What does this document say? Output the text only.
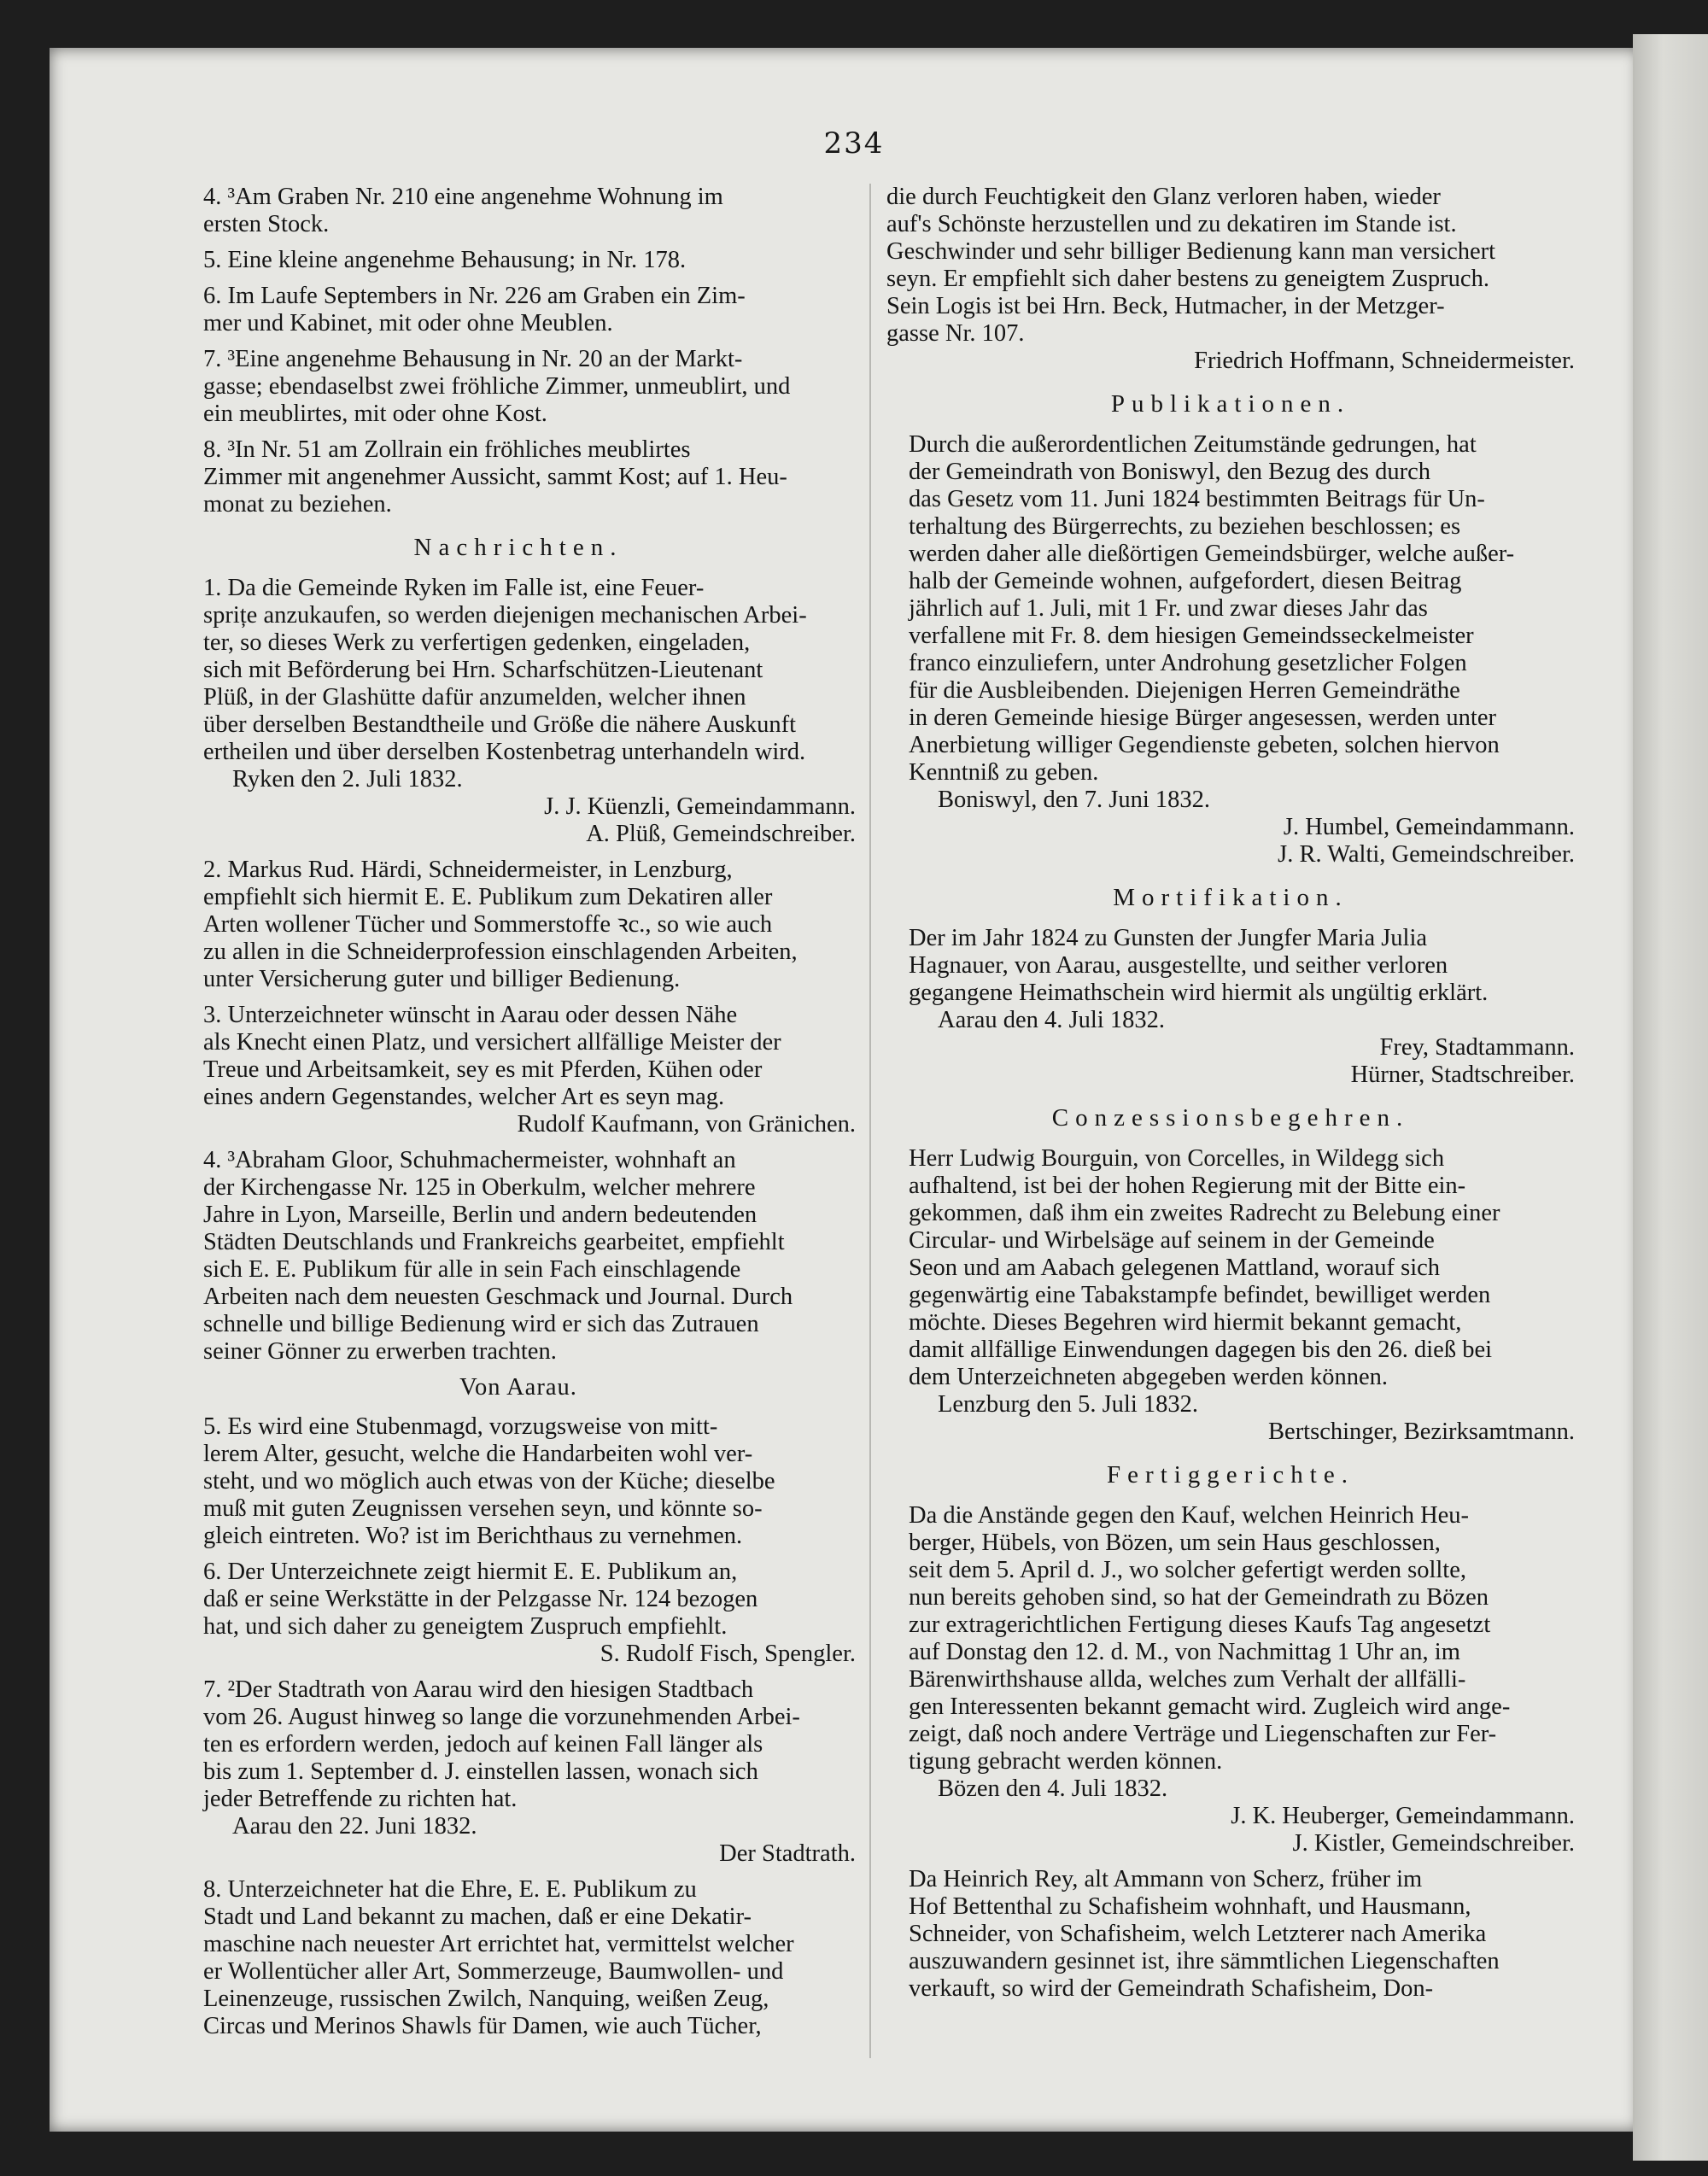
234
4. ³Am Graben Nr. 210 eine angenehme Wohnung im
ersten Stock.
5. Eine kleine angenehme Behausung; in Nr. 178.
6. Im Laufe Septembers in Nr. 226 am Graben ein Zim-
mer und Kabinet, mit oder ohne Meublen.
7. ³Eine angenehme Behausung in Nr. 20 an der Markt-
gasse; ebendaselbst zwei fröhliche Zimmer, unmeublirt, und
ein meublirtes, mit oder ohne Kost.
8. ³In Nr. 51 am Zollrain ein fröhliches meublirtes
Zimmer mit angenehmer Aussicht, sammt Kost; auf 1. Heu-
monat zu beziehen.
Nachrichten.
1. Da die Gemeinde Ryken im Falle ist, eine Feuer-
sprițe anzukaufen, so werden diejenigen mechanischen Arbei-
ter, so dieses Werk zu verfertigen gedenken, eingeladen,
sich mit Beförderung bei Hrn. Scharfschützen-Lieutenant
Plüß, in der Glashütte dafür anzumelden, welcher ihnen
über derselben Bestandtheile und Größe die nähere Auskunft
ertheilen und über derselben Kostenbetrag unterhandeln wird.
Ryken den 2. Juli 1832.
J. J. Küenzli, Gemeindammann.
A. Plüß, Gemeindschreiber.
2. Markus Rud. Härdi, Schneidermeister, in Lenzburg,
empfiehlt sich hiermit E. E. Publikum zum Dekatiren aller
Arten wollener Tücher und Sommerstoffe ꝛc., so wie auch
zu allen in die Schneiderprofession einschlagenden Arbeiten,
unter Versicherung guter und billiger Bedienung.
3. Unterzeichneter wünscht in Aarau oder dessen Nähe
als Knecht einen Platz, und versichert allfällige Meister der
Treue und Arbeitsamkeit, sey es mit Pferden, Kühen oder
eines andern Gegenstandes, welcher Art es seyn mag.
Rudolf Kaufmann, von Gränichen.
4. ³Abraham Gloor, Schuhmachermeister, wohnhaft an
der Kirchengasse Nr. 125 in Oberkulm, welcher mehrere
Jahre in Lyon, Marseille, Berlin und andern bedeutenden
Städten Deutschlands und Frankreichs gearbeitet, empfiehlt
sich E. E. Publikum für alle in sein Fach einschlagende
Arbeiten nach dem neuesten Geschmack und Journal. Durch
schnelle und billige Bedienung wird er sich das Zutrauen
seiner Gönner zu erwerben trachten.
Von Aarau.
5. Es wird eine Stubenmagd, vorzugsweise von mitt-
lerem Alter, gesucht, welche die Handarbeiten wohl ver-
steht, und wo möglich auch etwas von der Küche; dieselbe
muß mit guten Zeugnissen versehen seyn, und könnte so-
gleich eintreten. Wo? ist im Berichthaus zu vernehmen.
6. Der Unterzeichnete zeigt hiermit E. E. Publikum an,
daß er seine Werkstätte in der Pelzgasse Nr. 124 bezogen
hat, und sich daher zu geneigtem Zuspruch empfiehlt.
S. Rudolf Fisch, Spengler.
7. ²Der Stadtrath von Aarau wird den hiesigen Stadtbach
vom 26. August hinweg so lange die vorzunehmenden Arbei-
ten es erfordern werden, jedoch auf keinen Fall länger als
bis zum 1. September d. J. einstellen lassen, wonach sich
jeder Betreffende zu richten hat.
Aarau den 22. Juni 1832.
Der Stadtrath.
8. Unterzeichneter hat die Ehre, E. E. Publikum zu
Stadt und Land bekannt zu machen, daß er eine Dekatir-
maschine nach neuester Art errichtet hat, vermittelst welcher
er Wollentücher aller Art, Sommerzeuge, Baumwollen- und
Leinenzeuge, russischen Zwilch, Nanquing, weißen Zeug,
Circas und Merinos Shawls für Damen, wie auch Tücher,
die durch Feuchtigkeit den Glanz verloren haben, wieder
auf's Schönste herzustellen und zu dekatiren im Stande ist.
Geschwinder und sehr billiger Bedienung kann man versichert
seyn. Er empfiehlt sich daher bestens zu geneigtem Zuspruch.
Sein Logis ist bei Hrn. Beck, Hutmacher, in der Metzger-
gasse Nr. 107.
Friedrich Hoffmann, Schneidermeister.
Publikationen.
Durch die außerordentlichen Zeitumstände gedrungen, hat
der Gemeindrath von Boniswyl, den Bezug des durch
das Gesetz vom 11. Juni 1824 bestimmten Beitrags für Un-
terhaltung des Bürgerrechts, zu beziehen beschlossen; es
werden daher alle dießörtigen Gemeindsbürger, welche außer-
halb der Gemeinde wohnen, aufgefordert, diesen Beitrag
jährlich auf 1. Juli, mit 1 Fr. und zwar dieses Jahr das
verfallene mit Fr. 8. dem hiesigen Gemeindsseckelmeister
franco einzuliefern, unter Androhung gesetzlicher Folgen
für die Ausbleibenden. Diejenigen Herren Gemeindräthe
in deren Gemeinde hiesige Bürger angesessen, werden unter
Anerbietung williger Gegendienste gebeten, solchen hiervon
Kenntniß zu geben.
Boniswyl, den 7. Juni 1832.
J. Humbel, Gemeindammann.
J. R. Walti, Gemeindschreiber.
Mortifikation.
Der im Jahr 1824 zu Gunsten der Jungfer Maria Julia
Hagnauer, von Aarau, ausgestellte, und seither verloren
gegangene Heimathschein wird hiermit als ungültig erklärt.
Aarau den 4. Juli 1832.
Frey, Stadtammann.
Hürner, Stadtschreiber.
Conzessionsbegehren.
Herr Ludwig Bourguin, von Corcelles, in Wildegg sich
aufhaltend, ist bei der hohen Regierung mit der Bitte ein-
gekommen, daß ihm ein zweites Radrecht zu Belebung einer
Circular- und Wirbelsäge auf seinem in der Gemeinde
Seon und am Aabach gelegenen Mattland, worauf sich
gegenwärtig eine Tabakstampfe befindet, bewilliget werden
möchte. Dieses Begehren wird hiermit bekannt gemacht,
damit allfällige Einwendungen dagegen bis den 26. dieß bei
dem Unterzeichneten abgegeben werden können.
Lenzburg den 5. Juli 1832.
Bertschinger, Bezirksamtmann.
Fertiggerichte.
Da die Anstände gegen den Kauf, welchen Heinrich Heu-
berger, Hübels, von Bözen, um sein Haus geschlossen,
seit dem 5. April d. J., wo solcher gefertigt werden sollte,
nun bereits gehoben sind, so hat der Gemeindrath zu Bözen
zur extragerichtlichen Fertigung dieses Kaufs Tag angesetzt
auf Donstag den 12. d. M., von Nachmittag 1 Uhr an, im
Bärenwirthshause allda, welches zum Verhalt der allfälli-
gen Interessenten bekannt gemacht wird. Zugleich wird ange-
zeigt, daß noch andere Verträge und Liegenschaften zur Fer-
tigung gebracht werden können.
Bözen den 4. Juli 1832.
J. K. Heuberger, Gemeindammann.
J. Kistler, Gemeindschreiber.
Da Heinrich Rey, alt Ammann von Scherz, früher im
Hof Bettenthal zu Schafisheim wohnhaft, und Hausmann,
Schneider, von Schafisheim, welch Letzterer nach Amerika
auszuwandern gesinnet ist, ihre sämmtlichen Liegenschaften
verkauft, so wird der Gemeindrath Schafisheim, Don-
